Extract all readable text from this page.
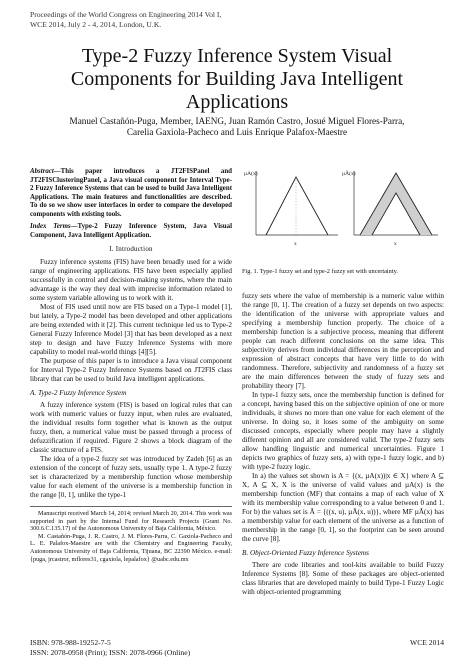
Proceedings of the World Congress on Engineering 2014 Vol I,
WCE 2014, July 2 - 4, 2014, London, U.K.
Type-2 Fuzzy Inference System Visual
Components for Building Java Intelligent
Applications
Manuel Castañón-Puga, Member, IAENG, Juan Ramón Castro, Josué Miguel Flores-Parra,
Carelia Gaxiola-Pacheco and Luis Enrique Palafox-Maestre
Abstract—This paper introduces a JT2FISPanel and JT2FISClusteringPanel, a Java visual component for Interval Type-2 Fuzzy Inference Systems that can be used to build Java Intelligent Applications. The main features and functionalities are described. To do so we show user interfaces in order to compare the developed components with existing tools.
Index Terms—Type-2 Fuzzy Inference System, Java Visual Component, Java Intelligent Application.
I. Introduction

Fuzzy inference systems (FIS) have been broadly used for a wide range of engineering applications. FIS have been especially applied successfully in control and decision-making systems, where the main advantage is the way they deal with imprecise information related to some system variable allowing us to work with it.

Most of FIS used until now are FIS based on a Type-1 model [1], but lately, a Type-2 model has been developed and other applications are being extended with it [2]. This current technique led us to Type-2 General Fuzzy Inference Model [3] that has been developed as a next step to design and have Fuzzy Inference Systems with more capability to model real-world things [4][5].

The purpose of this paper is to introduce a Java visual component for Interval Type-2 Fuzzy Inference Systems based on JT2FIS class library that can be used to build Java intelligent applications.

A. Type-2 Fuzzy Inference System

A fuzzy inference system (FIS) is based on logical rules that can work with numeric values or fuzzy input, when rules are evaluated, the individual results form together what is known as the output fuzzy, then, a numerical value must be passed through a process of defuzzification if required. Figure 2 shows a block diagram of the classic structure of a FIS.

The idea of a type-2 fuzzy set was introduced by Zadeh [6] as an extension of the concept of fuzzy sets, usually type 1. A type-2 fuzzy set is characterized by a membership function whose membership value for each element of the universe is a membership function in the range [0, 1], unlike the type-1

Manuscript received March 14, 2014; revised March 20, 2014. This work was supported in part by the Internal Fund for Research Projects (Grant No. 300.6.C.135.17) of the Autonomous University of Baja California, México.
M. Castañón-Puga, J. R. Castro, J. M. Flores-Parra, C. Gaxiola-Pacheco and L. E. Palafox-Maestre are with the Chemistry and Engineering Faculty, Autonomous University of Baja California, Tijuana, BC 22390 México. e-mail: {puga, jrcastror, mflores31, cgaxiola, lepalafox} @uabc.edu.mx
µA(x)
x
µÃ(x)
x
Fig. 1. Type-1 fuzzy set and type-2 fuzzy set with uncertainty.

fuzzy sets where the value of membership is a numeric value within the range [0, 1]. The creation of a fuzzy set depends on two aspects: the identification of the universe with appropriate values and specifying a membership function properly. The choice of a membership function is a subjective process, meaning that different people can reach different conclusions on the same idea. This subjectivity derives from individual differences in the perception and expression of abstract concepts that have very little to do with randomness. Therefore, subjectivity and randomness of a fuzzy set are the main differences between the study of fuzzy sets and probability theory [7].

In type-1 fuzzy sets, once the membership function is defined for a concept, having based this on the subjective opinion of one or more individuals, it shows no more than one value for each element of the universe. In doing so, it loses some of the ambiguity on some discussed concepts, especially where people may have a slightly different opinion and all are considered valid. The type-2 fuzzy sets allow handling linguistic and numerical uncertainties. Figure 1 depicts two graphics of fuzzy sets, a) with type-1 fuzzy logic, and b) with type-2 fuzzy logic.

In a) the values set shown is A = {(x, µA(x))|x ∈ X} where A ⊆ X, A ⊆ X, X is the universe of valid values and µA(x) is the membership function (MF) that contains a map of each value of X with its membership value corresponding to a value between 0 and 1. For b) the values set is Ã = {((x, u), µÃ(x, u))}, where MF µÃ(x) has a membership value for each element of the universe as a function of membership in the range [0, 1], so the footprint can be seen around the curve [8].

B. Object-Oriented Fuzzy Inference Systems

There are code libraries and tool-kits available to build Fuzzy Inference Systems [8]. Some of these packages are object-oriented class libraries that are developed mainly to build Type-1 Fuzzy Logic with object-oriented programming

ISBN: 978-988-19252-7-5
ISSN: 2078-0958 (Print); ISSN: 2078-0966 (Online)
WCE 2014
